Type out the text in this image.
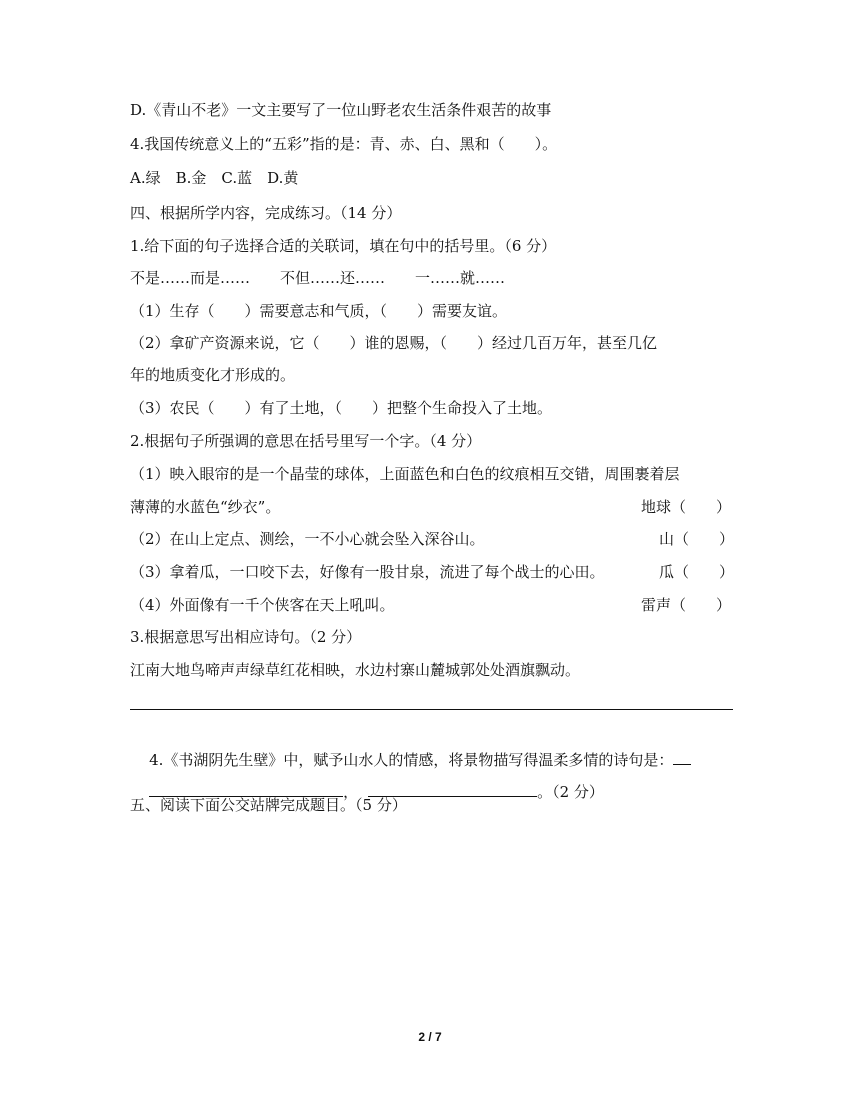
D.《青山不老》一文主要写了一位山野老农生活条件艰苦的故事
4.我国传统意义上的“五彩”指的是：青、赤、白、黑和（　　）。
A.绿　B.金　C.蓝　D.黄
四、根据所学内容，完成练习。（14 分）
1.给下面的句子选择合适的关联词，填在句中的括号里。（6 分）
不是……而是……　　不但……还……　　一……就……
（1）生存（　　）需要意志和气质，（　　）需要友谊。
（2）拿矿产资源来说，它（　　）谁的恩赐，（　　）经过几百万年，甚至几亿
年的地质变化才形成的。
（3）农民（　　）有了土地，（　　）把整个生命投入了土地。
2.根据句子所强调的意思在括号里写一个字。（4 分）
（1）映入眼帘的是一个晶莹的球体，上面蓝色和白色的纹痕相互交错，周围裹着层
薄薄的水蓝色“纱衣”。	地球（　　）
（2）在山上定点、测绘，一不小心就会坠入深谷山。	山（　　）
（3）拿着瓜，一口咬下去，好像有一股甘泉，流进了每个战士的心田。	瓜（　　）
（4）外面像有一千个侠客在天上吼叫。	雷声（　　）
3.根据意思写出相应诗句。（2 分）
江南大地鸟啼声声绿草红花相映，水边村寨山麓城郭处处酒旗飘动。

4.《书湖阴先生壁》中，赋予山水人的情感，将景物描写得温柔多情的诗句是：

，	。（2 分）

五、阅读下面公交站牌完成题目。（5 分）
2 / 7
